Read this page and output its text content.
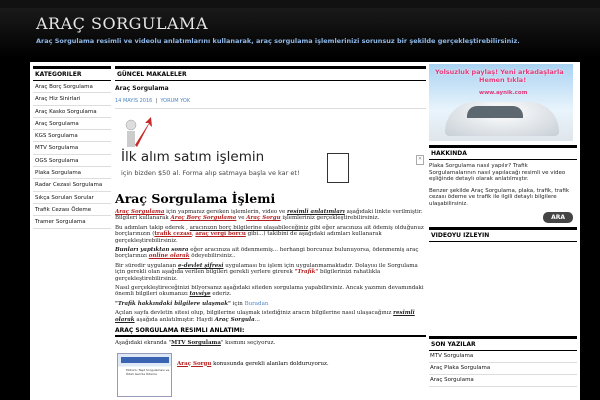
ARAÇ SORGULAMA
Araç Sorgulama resimli ve videolu anlatımlarını kullanarak, araç sorgulama işlemlerinizi sorunsuz bir şekilde gerçekleştirebilirsiniz.
KATEGORILER
Araç Borç Sorgulama
Araç Hiz Sinirlari
Araç Kasko Sorgulama
Araç Sorgulama
KGS Sorgulama
MTV Sorgulama
OGS Sorgulama
Plaka Sorgulama
Radar Cezasi Sorgulama
Sıkça Sorulan Sorular
Trafik Cezası Ödeme
Tramer Sorgulama
GÜNCEL MAKALELER
Araç Sorgulama
14 MAYIS 2016 | YORUM YOK
İlk alım satım işlemin
için bizden $50 al. Forma alıp satmaya başla ve kar et!
✕
Araç Sorgulama İşlemi

Araç Sorgulama için yapmanız gereken işlemlerin, video ve resimli anlatımları aşağıdaki linkte verilmiştir. Bilgileri kullanarak Araç Borç Sorgulama ve Araç Sorgu işlemleriniz gerçekleştirebilirsiniz.

Bu adımları takip ederek , aracınızın borç bilgilerine ulaşabileceğiniz gibi eğer aracınıza ait ödemiş olduğunuz borçlarınızın (trafik cezası, araç vergi borcu gibi...) takibini de aşağıdaki adımları kullanarak gerçekleştirebilirsiniz.

Bunları yaptıktan sonra eğer aracınıza ait ödenmemiş... herhangi borcunuz bulunuyorsa, ödenmemiş araç borçlarınızı online olarak ödeyebilirsiniz..

Bir süredir uygulanan e-devlet şifresi uygulaması bu işlem için uygulanmamaktadır. Dolayısı ile Sorgulama için gerekli olan aşağıda verilen bilgileri gerekli yerlere girerek "Trafik" bilgilerinizi rahatlıkla gerçekleştirebilirsiniz.

Nasıl gerçekleştireceğinizi bilyorsanız aşağıdaki siteden sorgulama yapabilirsiniz. Ancak yazımın devamındaki önemli bilgileri okumanızı tavsiye ederiz.

"Trafik hakkındaki bilgilere ulaşmak" için Buradan

Açılan sayfa devletin sitesi olup, bilgilerine ulaşmak istediğiniz aracın bilgilerine nasıl ulaşacağınız resimli olarak aşağıda anlatılmıştır. Haydi Araç Sorgula...

ARAÇ SORGULAMA RESIMLI ANLATIMI:

Aşağıdaki ekranda "MTV Sorgulama" kısmını seçiyoruz.

Motorlu Taşıt Sorgulaması ve Ödeli Geli İle Ödeme
Araç Sorgu konusunda gerekli alanları dolduruyoruz.
Yolsuzluk paylaş! Yeni arkadaşlarla
Hemen tıkla!
www.aynik.com
HAKKINDA

Plaka Sorgulama nasıl yapılır? Trafik Sorgulamalarının nasıl yapılacağı resimli ve video eşliğinde detaylı olarak anlatılmıştır.

Benzer şekilde Araç Sorgulama, plaka, trafik, trafik cezası ödeme ve trafik ile ilgili detaylı bilgilere ulaşabilirsiniz.

ARA
VIDEOYU IZLEYIN
SON YAZILAR
MTV Sorgulama
Araç Plaka Sorgulama
Araç Sorgulama
